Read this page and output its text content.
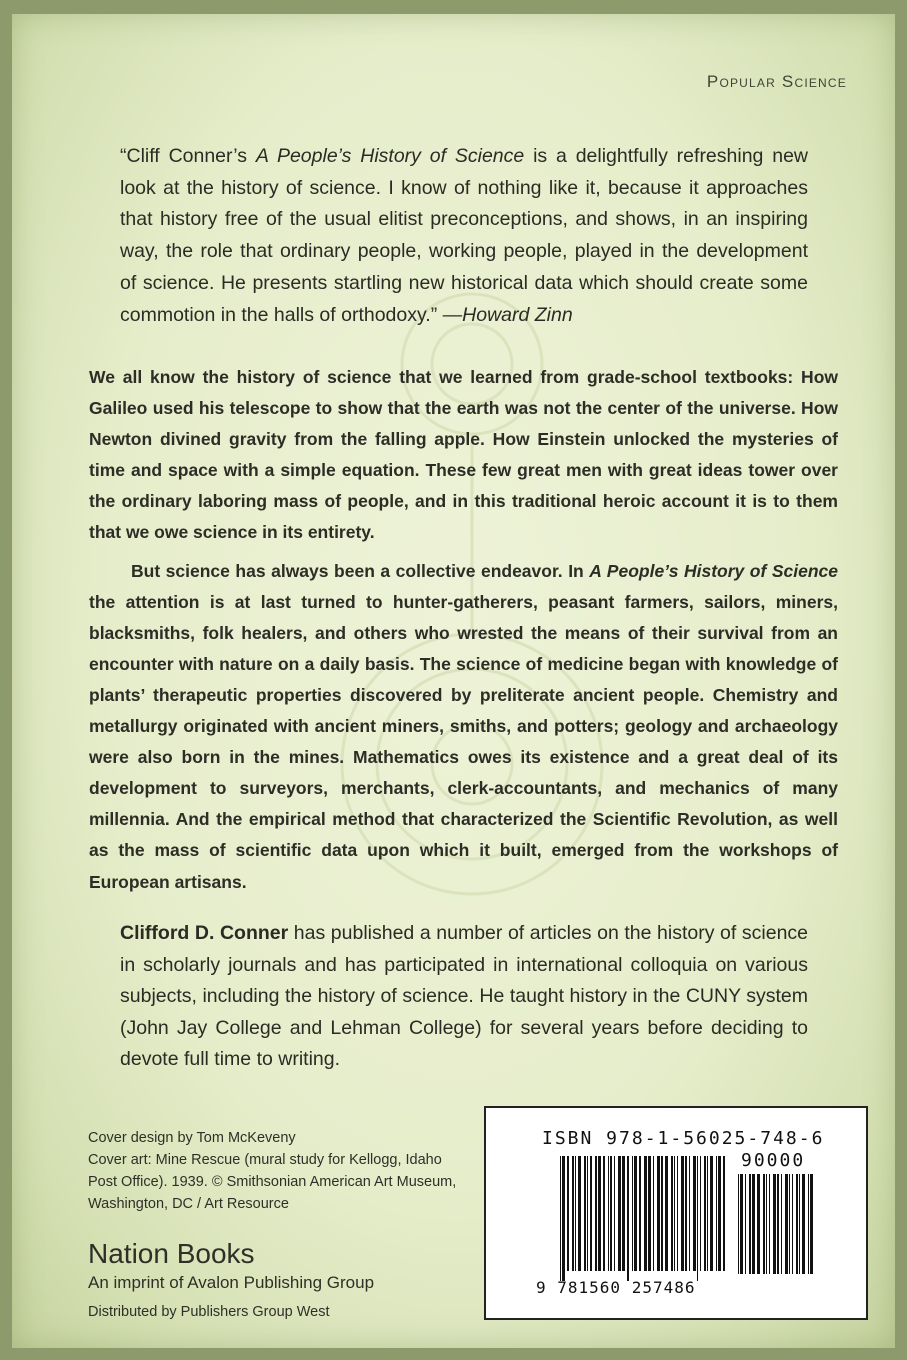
Popular Science
“Cliff Conner’s A People’s History of Science is a delightfully refreshing new look at the history of science. I know of nothing like it, because it approaches that history free of the usual elitist preconceptions, and shows, in an inspiring way, the role that ordinary people, working people, played in the development of science. He presents startling new historical data which should create some commotion in the halls of orthodoxy.” —Howard Zinn

We all know the history of science that we learned from grade-school textbooks: How Galileo used his telescope to show that the earth was not the center of the universe. How Newton divined gravity from the falling apple. How Einstein unlocked the mysteries of time and space with a simple equation. These few great men with great ideas tower over the ordinary laboring mass of people, and in this traditional heroic account it is to them that we owe science in its entirety.

But science has always been a collective endeavor. In A People’s History of Science the attention is at last turned to hunter-gatherers, peasant farmers, sailors, miners, blacksmiths, folk healers, and others who wrested the means of their survival from an encounter with nature on a daily basis. The science of medicine began with knowledge of plants’ therapeutic properties discovered by preliterate ancient people. Chemistry and metallurgy originated with ancient miners, smiths, and potters; geology and archaeology were also born in the mines. Mathematics owes its existence and a great deal of its development to surveyors, merchants, clerk-accountants, and mechanics of many millennia. And the empirical method that characterized the Scientific Revolution, as well as the mass of scientific data upon which it built, emerged from the workshops of European artisans.

Clifford D. Conner has published a number of articles on the history of science in scholarly journals and has participated in international colloquia on various subjects, including the history of science. He taught history in the CUNY system (John Jay College and Lehman College) for several years before deciding to devote full time to writing.
Cover design by Tom McKeveny
Cover art: Mine Rescue (mural study for Kellogg, Idaho
Post Office). 1939. © Smithsonian American Art Museum,
Washington, DC / Art Resource
Nation Books
An imprint of Avalon Publishing Group
Distributed by Publishers Group West
ISBN 978-1-56025-748-6
90000
9 781560 257486
